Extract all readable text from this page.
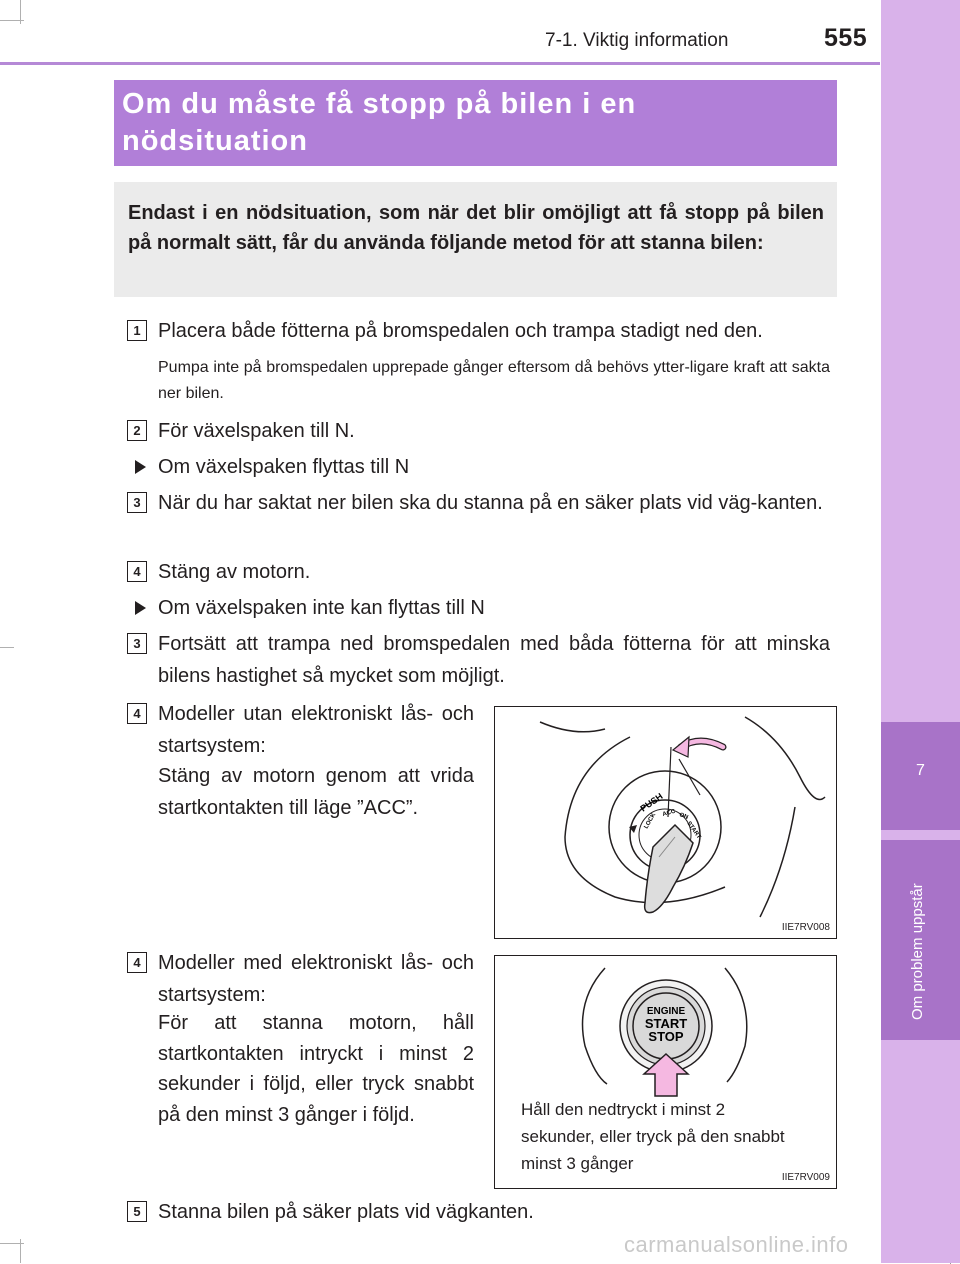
7
Om problem uppstår
7-1. Viktig information	555
Om du måste få stopp på bilen i en nödsituation
Endast i en nödsituation, som när det blir omöjligt att få stopp på bilen på normalt sätt, får du använda följande metod för att stanna bilen:
1 Placera både fötterna på bromspedalen och trampa stadigt ned den.
Pumpa inte på bromspedalen upprepade gånger eftersom då behövs ytter-ligare kraft att sakta ner bilen.
2 För växelspaken till N.
Om växelspaken flyttas till N
3 När du har saktat ner bilen ska du stanna på en säker plats vid väg-kanten.
4 Stäng av motorn.
Om växelspaken inte kan flyttas till N
3 Fortsätt att trampa ned bromspedalen med båda fötterna för att minska bilens hastighet så mycket som möjligt.
4 Modeller utan elektroniskt lås- och startsystem:
Stäng av motorn genom att vrida startkontakten till läge ”ACC”.	PUSH
LOCK ACC ON
START
IIE7RV008
4 Modeller med elektroniskt lås- och startsystem:
För att stanna motorn, håll startkontakten intryckt i minst 2 sekunder i följd, eller tryck snabbt på den minst 3 gånger i följd.
ENGINE
START
STOP
Håll den nedtryckt i minst 2 sekunder, eller tryck på den snabbt minst 3 gånger
IIE7RV009
5 Stanna bilen på säker plats vid vägkanten.
carmanualsonline.info
